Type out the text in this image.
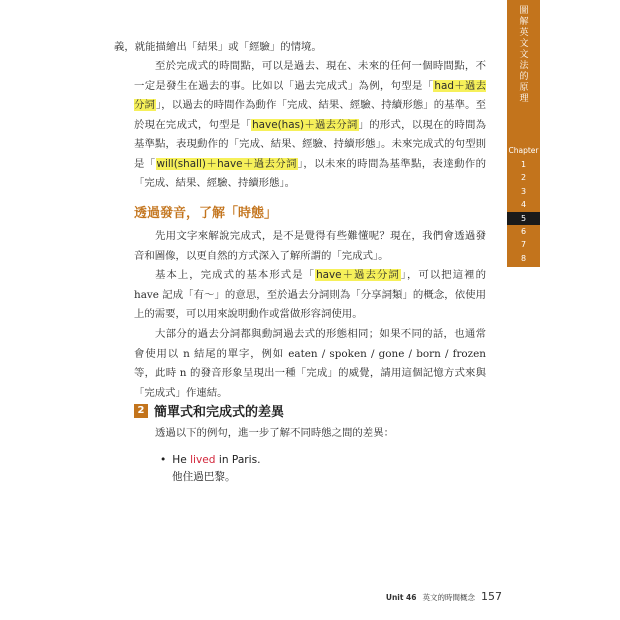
義，就能描繪出「結果」或「經驗」的情境。

至於完成式的時間點，可以是過去、現在、未來的任何一個時間點，不一定是發生在過去的事。比如以「過去完成式」為例，句型是「had＋過去分詞」，以過去的時間作為動作「完成、結果、經驗、持續形態」的基準。至於現在完成式，句型是「have(has)＋過去分詞」的形式，以現在的時間為基準點，表現動作的「完成、結果、經驗、持續形態」。未來完成式的句型則是「will(shall)＋have＋過去分詞」，以未來的時間為基準點，表達動作的「完成、結果、經驗、持續形態」。

透過發音，了解「時態」

先用文字來解說完成式，是不是覺得有些難懂呢？現在，我們會透過發音和圖像，以更自然的方式深入了解所謂的「完成式」。

基本上，完成式的基本形式是「have＋過去分詞」，可以把這裡的 have 記成「有～」的意思，至於過去分詞則為「分享詞類」的概念，依使用上的需要，可以用來說明動作或當做形容詞使用。

大部分的過去分詞都與動詞過去式的形態相同；如果不同的話，也通常會使用以 n 結尾的單字，例如 eaten / spoken / gone / born / frozen 等，此時 n 的發音形象呈現出一種「完成」的威覺，請用這個記憶方式來與「完成式」作連結。

2 簡單式和完成式的差異

透過以下的例句，進一步了解不同時態之間的差異：

• He lived in Paris.
他住過巴黎。
圖解英文文法的原理
Chapter
1
2
3
4
5
6
7
8
Unit 46 英文的時間概念 157
